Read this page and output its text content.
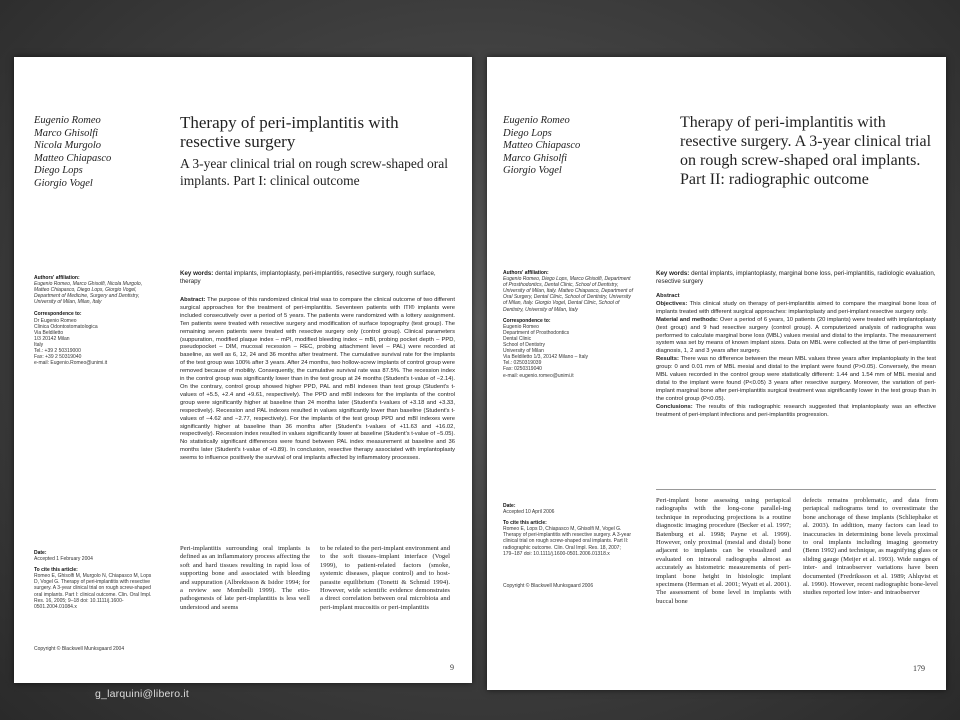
Eugenio Romeo
Marco Ghisolfi
Nicola Murgolo
Matteo Chiapasco
Diego Lops
Giorgio Vogel
Therapy of peri-implantitis with resective surgery
A 3-year clinical trial on rough screw-shaped oral implants. Part I: clinical outcome
Authors' affiliation:
Eugenio Romeo, Marco Ghisolfi, Nicola Murgolo, Matteo Chiapasco, Diego Lops, Giorgio Vogel, Department of Medicine, Surgery and Dentistry, University of Milan, Milan, Italy
Correspondence to:
Dr Eugenio Romeo
Clinica Odontostomatologica
Via Beldiletto
1/3 20142 Milan
Italy
Tel.: +39 2 50319000
Fax: +39 2 50319040
e-mail: Eugenio.Romeo@unimi.it
Key words: dental implants, implantoplasty, peri-implantitis, resective surgery, rough surface, therapy
Abstract: The purpose of this randomized clinical trial was to compare the clinical outcome of two different surgical approaches for the treatment of peri-implantitis. Seventeen patients with ITI® implants were included consecutively over a period of 5 years. The patients were randomized with a lottery assignment. Ten patients were treated with resective surgery and modification of surface topography (test group). The remaining seven patients were treated with resective surgery only (control group). Clinical parameters (suppuration, modified plaque index – mPI, modified bleeding index – mBI, probing pocket depth – PPD, pseudopocket – DIM, mucosal recession – REC, probing attachment level – PAL) were recorded at baseline, as well as 6, 12, 24 and 36 months after treatment. The cumulative survival rate for the implants of the test group was 100% after 3 years. After 24 months, two hollow-screw implants of control group were removed because of mobility. Consequently, the cumulative survival rate was 87.5%. The recession index in the control group was significantly lower than in the test group at 24 months (Student's t-value of −2.14). On the contrary, control group showed higher PPD, PAL and mBI indexes than test group (Student's t-values of +5.5, +2.4 and +9.61, respectively). The PPD and mBI indexes for the implants of the control group were significantly higher at baseline than 24 months later (Student's t-values of +3.18 and +3.33, respectively). Recession and PAL indexes resulted in values significantly lower than baseline (Student's t-values of −4.62 and −2.77, respectively). For the implants of the test group PPD and mBI indexes were significantly higher at baseline than 36 months after (Student's t-values of +11.63 and +16.02, respectively). Recession index resulted in values significantly lower at baseline (Student's t-value of −5.05). No statistically significant differences were found between PAL index measurement at baseline and 36 months later (Student's t-value of +0.89). In conclusion, resective therapy associated with implantoplasty seems to influence positively the survival of oral implants affected by inflammatory processes.
Date:
Accepted 1 February 2004
To cite this article:
Romeo E, Ghisolfi M, Murgolo N, Chiapasco M, Lops D, Vogel G. Therapy of peri-implantitis with resective surgery. A 3-year clinical trial on rough screw-shaped oral implants. Part I: clinical outcome. Clin. Oral Impl. Res. 16, 2005; 9–18 doi: 10.1111/j.1600-0501.2004.01084.x
Copyright © Blackwell Munksgaard 2004
Peri-implantitis surrounding oral implants is defined as an inflammatory process affecting the soft and hard tissues resulting in rapid loss of supporting bone and associated with bleeding and suppuration (Albrektsson & Isidor 1994; for a review see Mombelli 1999). The etio-pathogenesis of late peri-implantitis is less well understood and seems
to be related to the peri-implant environment and to the soft tissues–implant interface (Vogel 1999), to patient-related factors (smoke, systemic diseases, plaque control) and to host-parasite equilibrium (Tonetti & Schmid 1994). However, wide scientific evidence demonstrates a direct correlation between oral microbiota and peri-implant mucositis or peri-implantitis
9
Eugenio Romeo
Diego Lops
Matteo Chiapasco
Marco Ghisolfi
Giorgio Vogel
Therapy of peri-implantitis with resective surgery. A 3-year clinical trial on rough screw-shaped oral implants. Part II: radiographic outcome
Authors' affiliation:
Eugenio Romeo, Diego Lops, Marco Ghisolfi, Department of Prosthodontics, Dental Clinic, School of Dentistry, University of Milan, Italy. Matteo Chiapasco, Department of Oral Surgery, Dental Clinic, School of Dentistry, University of Milan, Italy. Giorgio Vogel, Dental Clinic, School of Dentistry, University of Milan, Italy
Correspondence to:
Eugenio Romeo
Department of Prosthodontics
Dental Clinic
School of Dentistry
University of Milan
Via Beldiletto 1/3, 20142 Milano – Italy
Tel.: 0250319039
Fax: 0250319040
e-mail: eugenio.romeo@unimi.it
Key words: dental implants, implantoplasty, marginal bone loss, peri-implantitis, radiologic evaluation, resective surgery
Abstract
Objectives: This clinical study on therapy of peri-implantitis aimed to compare the marginal bone loss of implants treated with different surgical approaches: implantoplasty and peri-implant resective surgery only.
Material and methods: Over a period of 6 years, 10 patients (20 implants) were treated with implantoplasty (test group) and 9 had resective surgery (control group). A computerized analysis of radiographs was performed to calculate marginal bone loss (MBL) values mesial and distal to the implants. The measurement system was set by means of known implant sizes. Data on MBL were collected at the time of peri-implantitis diagnosis, 1, 2 and 3 years after surgery.
Results: There was no difference between the mean MBL values three years after implantoplasty in the test group: 0 and 0.01 mm of MBL mesial and distal to the implant were found (P>0.05). Conversely, the mean MBL values recorded in the control group were statistically different: 1.44 and 1.54 mm of MBL mesial and distal to the implant were found (P<0.05) 3 years after resective surgery. Moreover, the variation of peri-implant marginal bone after peri-implantitis surgical treatment was significantly lower in the test group than in the control group (P<0.05).
Conclusions: The results of this radiographic research suggested that implantoplasty was an effective treatment of peri-implant infections and peri-implantitis progression.
Date:
Accepted 10 April 2006
To cite this article:
Romeo E, Lops D, Chiapasco M, Ghisolfi M, Vogel G. Therapy of peri-implantitis with resective surgery. A 3-year clinical trial on rough screw-shaped oral implants. Part II: radiographic outcome. Clin. Oral Impl. Res. 18, 2007; 179–187 doi: 10.1111/j.1600-0501.2006.01318.x
Copyright © Blackwell Munksgaard 2006
Peri-implant bone assessing using periapical radiographs with the long-cone parallel-ing technique in reproducing projections is a routine diagnostic imaging procedure (Becker et al. 1997; Batenburg et al. 1998; Payne et al. 1999). However, only proximal (mesial and distal) bone adjacent to implants can be visualized and evaluated on intraoral radiographs almost as accurately as histometric measurements of peri-implant bone height in histologic implant specimens (Herman et al. 2001; Wyatt et al. 2001). The assessment of bone level in implants with buccal bone
defects remains problematic, and data from periapical radiograms tend to overestimate the bone anchorage of these implants (Schliephake et al. 2003). In addition, many factors can lead to inaccuracies in determining bone levels proximal to oral implants including imaging geometry (Benn 1992) and technique, as magnifying glass or sliding gauge (Meijer et al. 1993). Wide ranges of inter- and intraobserver variations have been documented (Fredriksson et al. 1989; Ahlqvist et al. 1990). However, recent radiographic bone-level studies reported low inter- and intraobserver
179
g_larquini@libero.it
